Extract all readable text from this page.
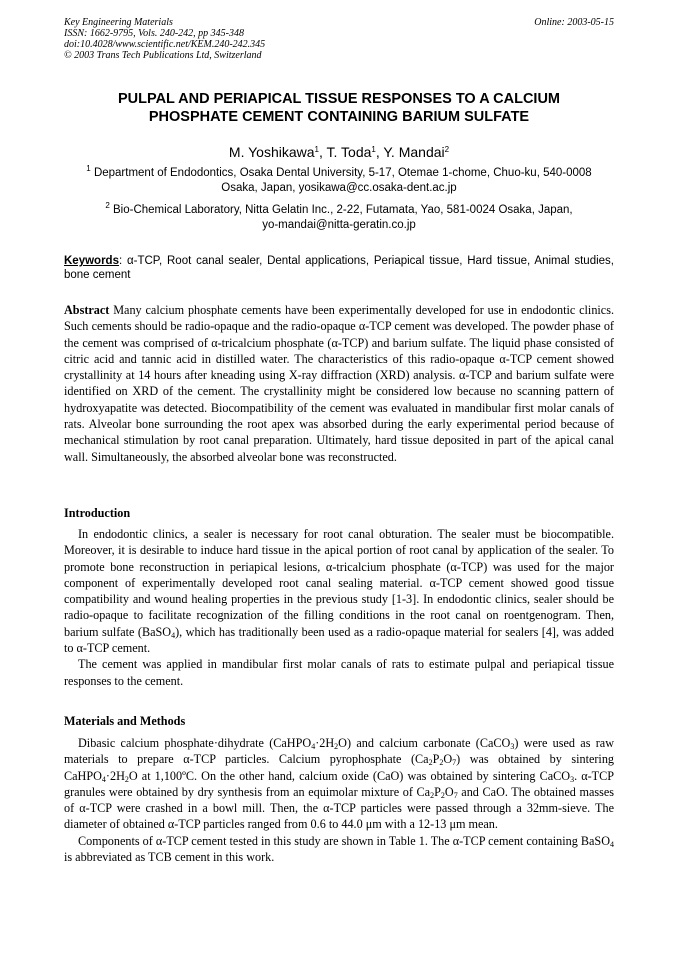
Key Engineering Materials
ISSN: 1662-9795, Vols. 240-242, pp 345-348
doi:10.4028/www.scientific.net/KEM.240-242.345
© 2003 Trans Tech Publications Ltd, Switzerland
Online: 2003-05-15
PULPAL AND PERIAPICAL TISSUE RESPONSES TO A CALCIUM
PHOSPHATE CEMENT CONTAINING BARIUM SULFATE
M. Yoshikawa$^1$, T. Toda$^1$, Y. Mandai$^2$
$^1$ Department of Endodontics, Osaka Dental University, 5-17, Otemae 1-chome, Chuo-ku, 540-0008
Osaka, Japan, yosikawa@cc.osaka-dent.ac.jp
$^2$ Bio-Chemical Laboratory, Nitta Gelatin Inc., 2-22, Futamata, Yao, 581-0024 Osaka, Japan,
yo-mandai@nitta-geratin.co.jp
Keywords: α-TCP, Root canal sealer, Dental applications, Periapical tissue, Hard tissue, Animal studies, bone cement
Abstract Many calcium phosphate cements have been experimentally developed for use in endodontic clinics. Such cements should be radio-opaque and the radio-opaque α-TCP cement was developed. The powder phase of the cement was comprised of α-tricalcium phosphate (α-TCP) and barium sulfate. The liquid phase consisted of citric acid and tannic acid in distilled water. The characteristics of this radio-opaque α-TCP cement showed crystallinity at 14 hours after kneading using X-ray diffraction (XRD) analysis. α-TCP and barium sulfate were identified on XRD of the cement. The crystallinity might be considered low because no scanning pattern of hydroxyapatite was detected. Biocompatibility of the cement was evaluated in mandibular first molar canals of rats. Alveolar bone surrounding the root apex was absorbed during the early experimental period because of mechanical stimulation by root canal preparation. Ultimately, hard tissue deposited in part of the apical canal wall. Simultaneously, the absorbed alveolar bone was reconstructed.
Introduction

In endodontic clinics, a sealer is necessary for root canal obturation. The sealer must be biocompatible. Moreover, it is desirable to induce hard tissue in the apical portion of root canal by application of the sealer. To promote bone reconstruction in periapical lesions, α-tricalcium phosphate (α-TCP) was used for the major component of experimentally developed root canal sealing material. α-TCP cement showed good tissue compatibility and wound healing properties in the previous study [1-3]. In endodontic clinics, sealer should be radio-opaque to facilitate recognization of the filling conditions in the root canal on roentgenogram. Then, barium sulfate (BaSO$_4$), which has traditionally been used as a radio-opaque material for sealers [4], was added to α-TCP cement.

The cement was applied in mandibular first molar canals of rats to estimate pulpal and periapical tissue responses to the cement.

Materials and Methods

Dibasic calcium phosphate·dihydrate $(CaHPO_4\cdot 2H_2O)$ and calcium carbonate (CaCO$_3$) were used as raw materials to prepare α-TCP particles. Calcium pyrophosphate $(Ca_2P_2O_7)$ was obtained by sintering $CaHPO_4\cdot 2H_2O$ at 1,100ºC. On the other hand, calcium oxide (CaO) was obtained by sintering CaCO$_3$. α-TCP granules were obtained by dry synthesis from an equimolar mixture of $Ca_2P_2O_7$ and CaO. The obtained masses of α-TCP were crashed in a bowl mill. Then, the α-TCP particles were passed through a 32mm-sieve. The diameter of obtained α-TCP particles ranged from 0.6 to 44.0 μm with a 12-13 μm mean.

Components of α-TCP cement tested in this study are shown in Table 1. The α-TCP cement containing BaSO$_4$ is abbreviated as TCB cement in this work.
